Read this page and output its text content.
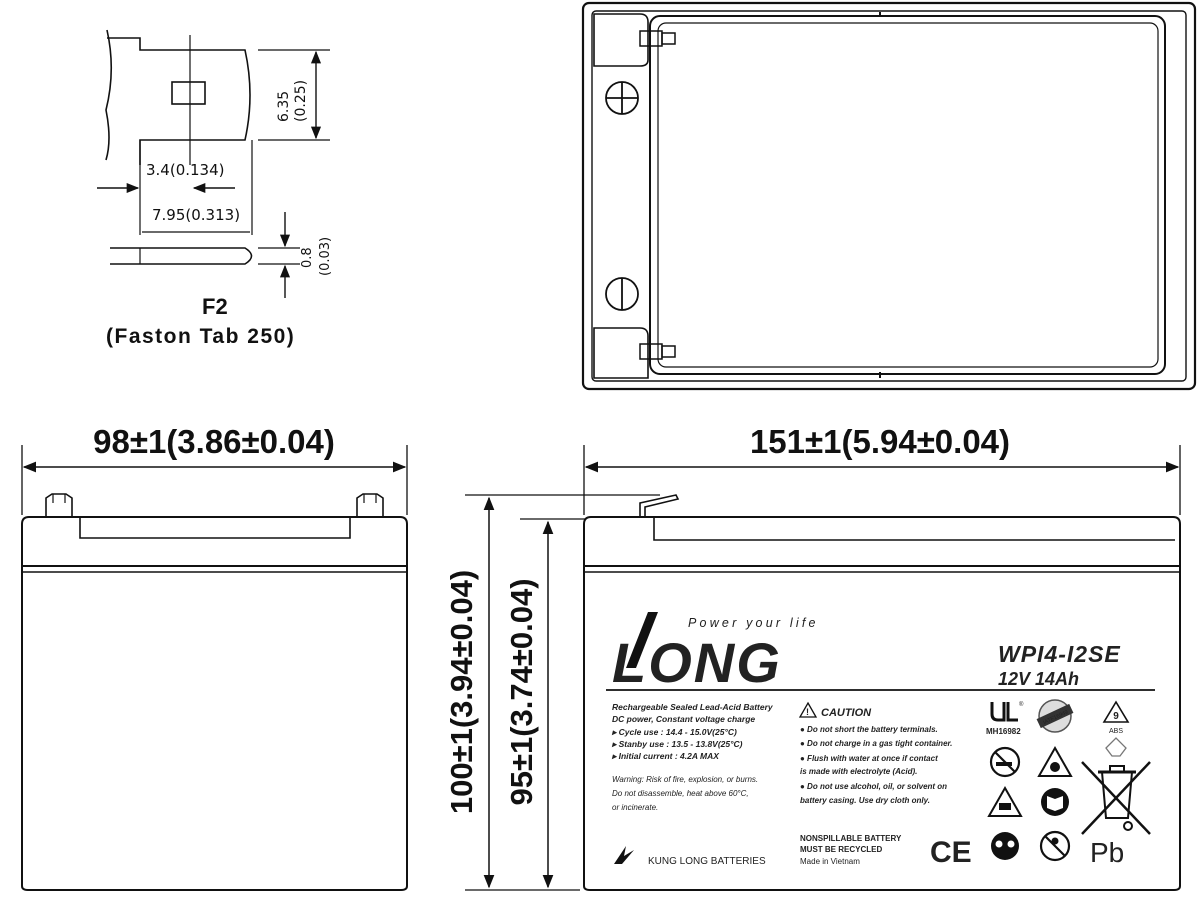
3.4(0.134)
7.95(0.313)
6.35 (0.25)
0.8 (0.03)
F2
(Faston Tab 250)
98±1(3.86±0.04)
100±1(3.94±0.04) 95±1(3.74±0.04)
151±1(5.94±0.04)
Power your life
LONG	WPI4-I2SE
12V 14Ah
Rechargeable Sealed Lead-Acid Battery
DC power, Constant voltage charge
▸ Cycle use : 14.4 - 15.0V(25°C)
▸ Stanby use : 13.5 - 13.8V(25°C)
▸ Initial current : 4.2A MAX
Warning: Risk of fire, explosion, or burns.
Do not disassemble, heat above 60°C,
or incinerate.
! CAUTION
● Do not short the battery terminals.
● Do not charge in a gas tight container.
● Flush with water at once if contact
is made with electrolyte (Acid).
● Do not use alcohol, oil, or solvent on
battery casing. Use dry cloth only.
®
MH16982
IATF16949	9
ABS
CE	Pb
KUNG LONG BATTERIES
NONSPILLABLE BATTERY
MUST BE RECYCLED
Made in Vietnam
